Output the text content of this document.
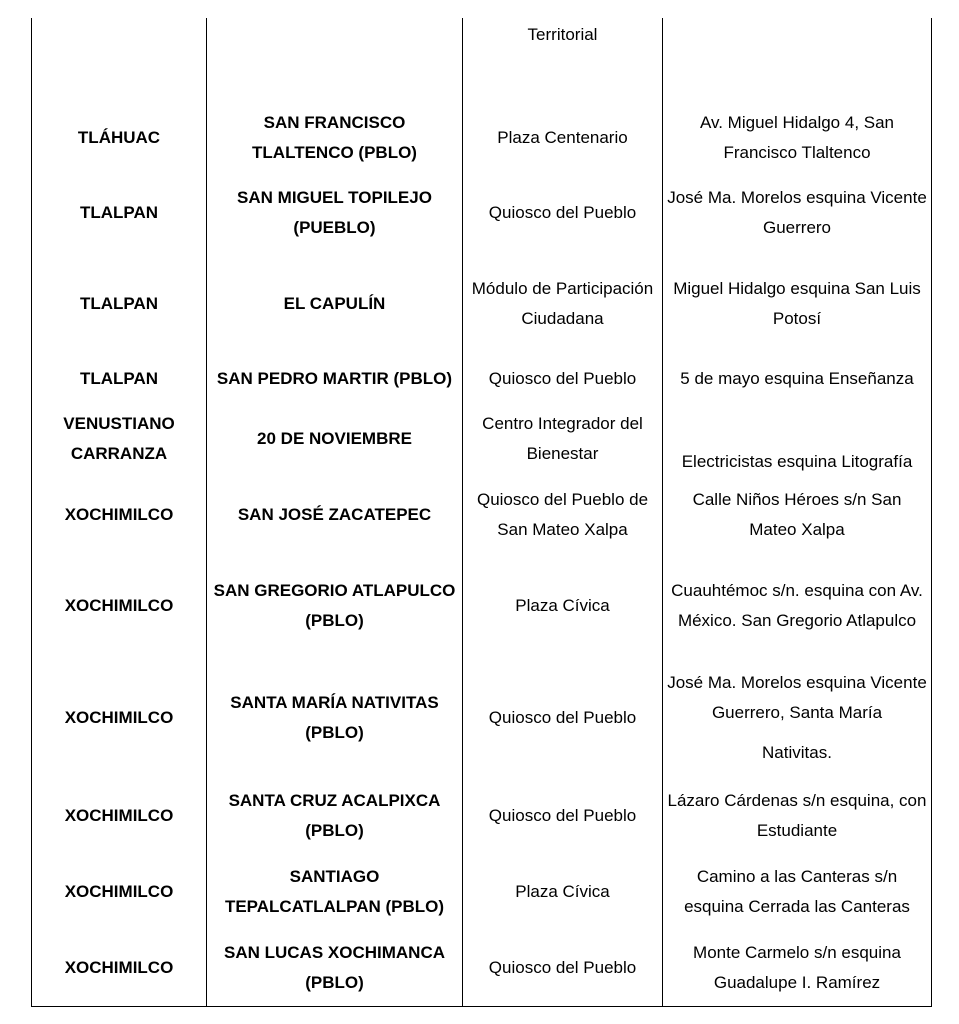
		Territorial	
TLÁHUAC	SAN FRANCISCO TLALTENCO (PBLO)	Plaza Centenario	Av. Miguel Hidalgo 4, San Francisco Tlaltenco
TLALPAN	SAN MIGUEL TOPILEJO (PUEBLO)	Quiosco del Pueblo	José Ma. Morelos esquina Vicente Guerrero
TLALPAN	EL CAPULÍN	Módulo de Participación Ciudadana	Miguel Hidalgo esquina San Luis Potosí
TLALPAN	SAN PEDRO MARTIR (PBLO)	Quiosco del Pueblo	5 de mayo esquina Enseñanza
VENUSTIANO CARRANZA	20 DE NOVIEMBRE	Centro Integrador del Bienestar	Electricistas esquina Litografía
XOCHIMILCO	SAN JOSÉ ZACATEPEC	Quiosco del Pueblo de San Mateo Xalpa	Calle Niños Héroes s/n San Mateo Xalpa
XOCHIMILCO	SAN GREGORIO ATLAPULCO (PBLO)	Plaza Cívica	Cuauhtémoc s/n. esquina con Av. México. San Gregorio Atlapulco
XOCHIMILCO	SANTA MARÍA NATIVITAS (PBLO)	Quiosco del Pueblo	José Ma. Morelos esquina Vicente Guerrero, Santa María
Nativitas.

XOCHIMILCO	SANTA CRUZ ACALPIXCA (PBLO)	Quiosco del Pueblo	Lázaro Cárdenas s/n esquina, con Estudiante
XOCHIMILCO	SANTIAGO TEPALCATLALPAN (PBLO)	Plaza Cívica	Camino a las Canteras s/n esquina Cerrada las Canteras
XOCHIMILCO	SAN LUCAS XOCHIMANCA (PBLO)	Quiosco del Pueblo	Monte Carmelo s/n esquina Guadalupe I. Ramírez
